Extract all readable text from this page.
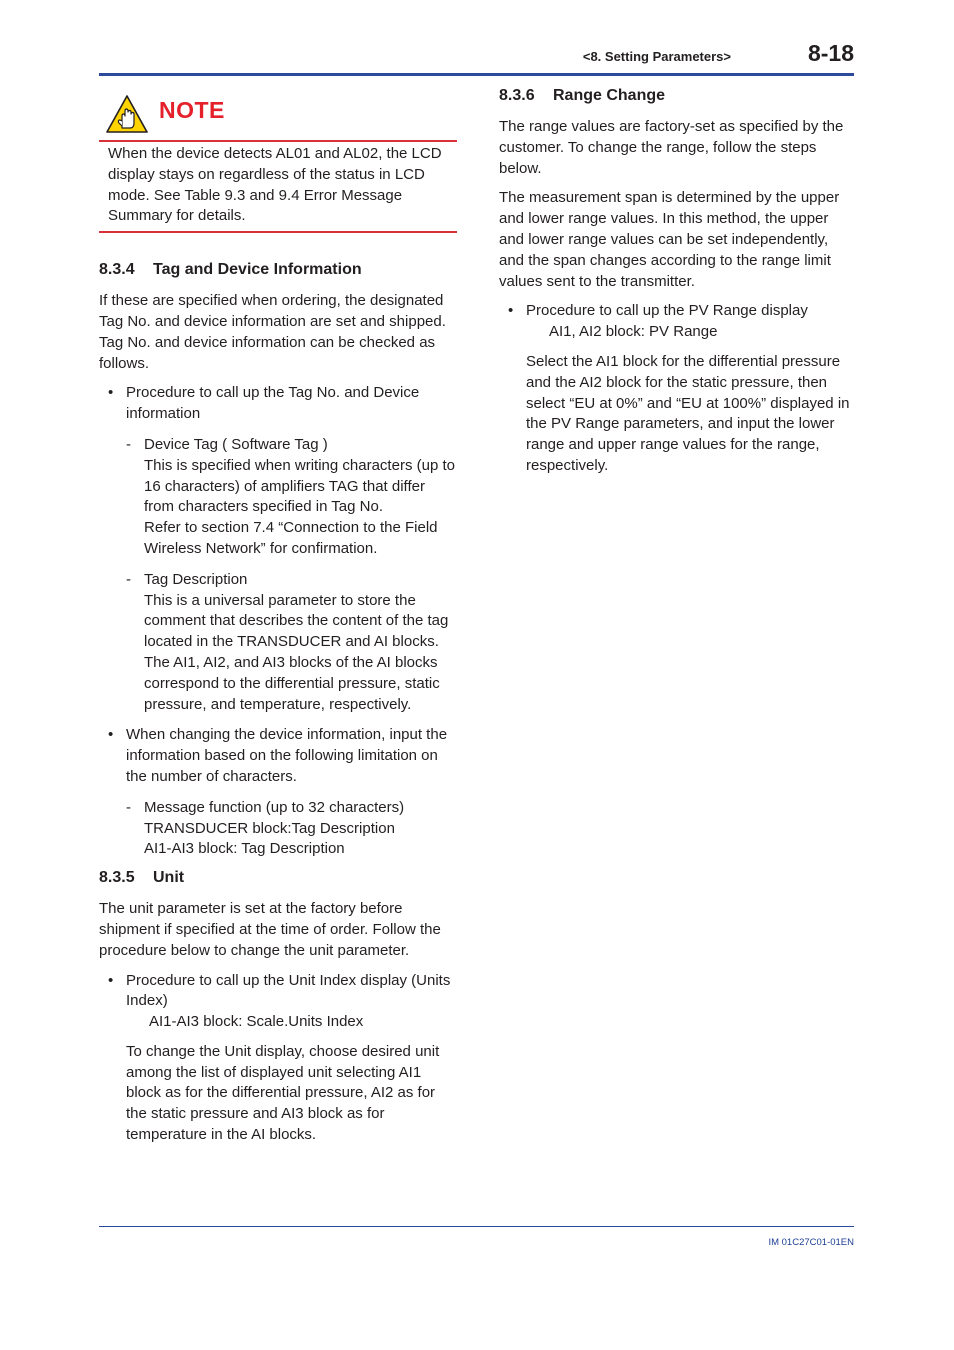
<8. Setting Parameters>	8-18
NOTE

When the device detects AL01 and AL02, the LCD display stays on regardless of the status in LCD mode. See Table 9.3 and 9.4 Error Message Summary for details.

8.3.4 Tag and Device Information

If these are specified when ordering, the designated Tag No. and device information are set and shipped. Tag No. and device information can be checked as follows.

• Procedure to call up the Tag No. and Device information
- Device Tag ( Software Tag )
This is specified when writing characters (up to 16 characters) of amplifiers TAG that differ from characters specified in Tag No.
Refer to section 7.4 “Connection to the Field Wireless Network” for confirmation.
- Tag Description
This is a universal parameter to store the comment that describes the content of the tag located in the TRANSDUCER and AI blocks.
The AI1, AI2, and AI3 blocks of the AI blocks correspond to the differential pressure, static pressure, and temperature, respectively.
• When changing the device information, input the information based on the following limitation on the number of characters.
- Message function (up to 32 characters)
TRANSDUCER block:Tag Description
AI1-AI3 block: Tag Description
8.3.5 Unit

The unit parameter is set at the factory before shipment if specified at the time of order. Follow the procedure below to change the unit parameter.

• Procedure to call up the Unit Index display (Units Index)
AI1-AI3 block: Scale.Units Index

To change the Unit display, choose desired unit among the list of displayed unit selecting AI1 block as for the differential pressure, AI2 as for the static pressure and AI3 block as for temperature in the AI blocks.

8.3.6 Range Change

The range values are factory-set as specified by the customer. To change the range, follow the steps below.

The measurement span is determined by the upper and lower range values. In this method, the upper and lower range values can be set independently, and the span changes according to the range limit values sent to the transmitter.

• Procedure to call up the PV Range display
AI1, AI2 block: PV Range

Select the AI1 block for the differential pressure and the AI2 block for the static pressure, then select “EU at 0%” and “EU at 100%” displayed in the PV Range parameters, and input the lower range and upper range values for the range, respectively.

IM 01C27C01-01EN
